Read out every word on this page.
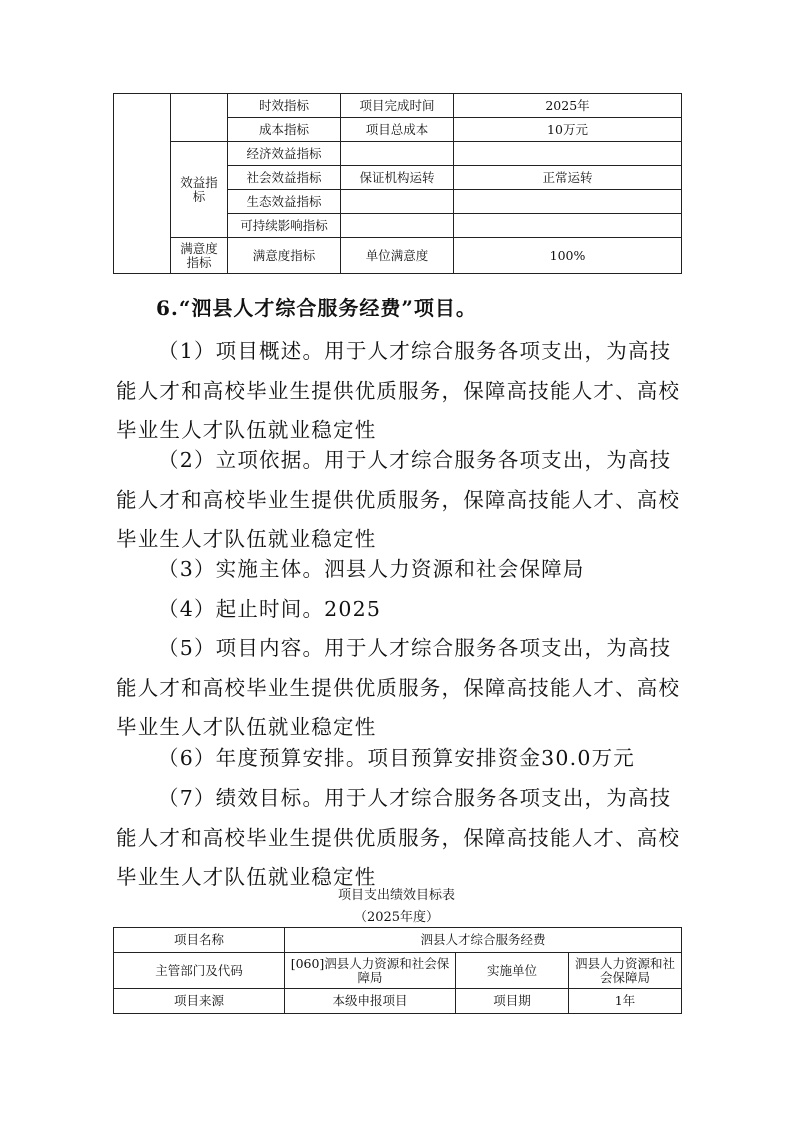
		时效指标	项目完成时间	2025年
		成本指标	项目总成本	10万元
	效益指标	经济效益指标		
		社会效益指标	保证机构运转	正常运转
		生态效益指标		
		可持续影响指标		
	满意度指标	满意度指标	单位满意度	100%
6.“泗县人才综合服务经费”项目。

（1）项目概述。用于人才综合服务各项支出，为高技能人才和高校毕业生提供优质服务，保障高技能人才、高校毕业生人才队伍就业稳定性

（2）立项依据。用于人才综合服务各项支出，为高技能人才和高校毕业生提供优质服务，保障高技能人才、高校毕业生人才队伍就业稳定性

（3）实施主体。泗县人力资源和社会保障局

（4）起止时间。2025

（5）项目内容。用于人才综合服务各项支出，为高技能人才和高校毕业生提供优质服务，保障高技能人才、高校毕业生人才队伍就业稳定性

（6）年度预算安排。项目预算安排资金30.0万元

（7）绩效目标。用于人才综合服务各项支出，为高技能人才和高校毕业生提供优质服务，保障高技能人才、高校毕业生人才队伍就业稳定性

项目支出绩效目标表
（2025年度）
项目名称	泗县人才综合服务经费		
主管部门及代码	[060]泗县人力资源和社会保障局	实施单位	泗县人力资源和社会保障局
项目来源	本级申报项目	项目期	1年
